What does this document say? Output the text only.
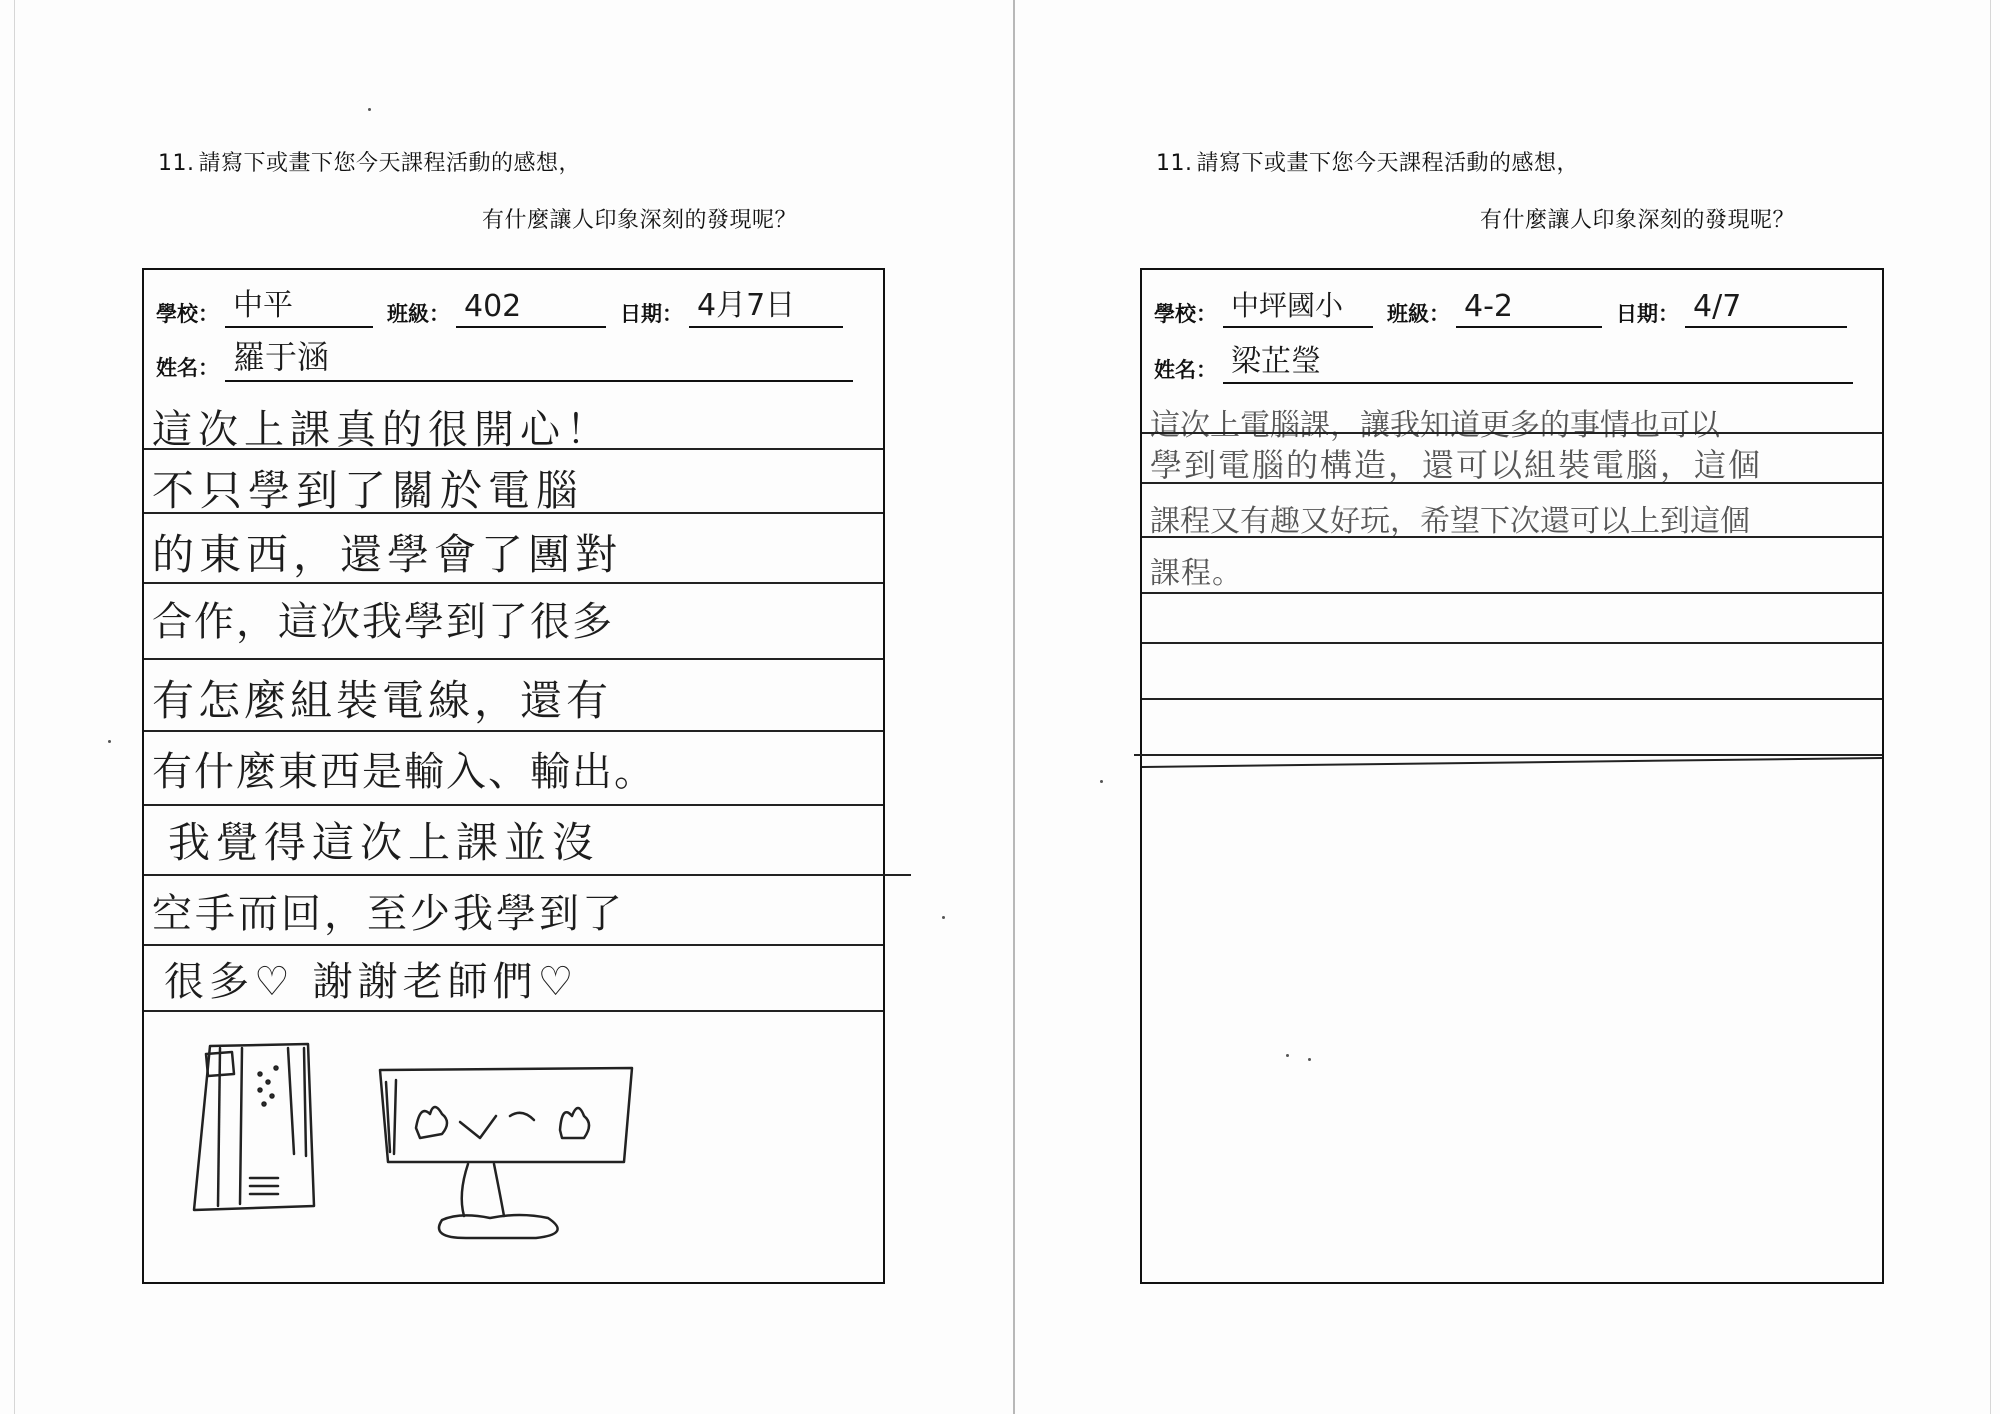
11. 請寫下或畫下您今天課程活動的感想，
有什麼讓人印象深刻的發現呢？
學校： 中平	班級： 402	日期： 4月7日
姓名： 羅于涵
這次上課真的很開心！
不只學到了關於電腦
的東西，還學會了團對
合作，這次我學到了很多
有怎麼組裝電線，還有
有什麼東西是輸入、輸出。
我覺得這次上課並沒
空手而回，至少我學到了
很多♡ 謝謝老師們♡
11. 請寫下或畫下您今天課程活動的感想，
有什麼讓人印象深刻的發現呢？
學校： 中坪國小 班級： 4-2	日期： 4/7
姓名： 梁芷瑩
這次上電腦課，讓我知道更多的事情也可以
學到電腦的構造，還可以組裝電腦，這個
課程又有趣又好玩，希望下次還可以上到這個
課程。
